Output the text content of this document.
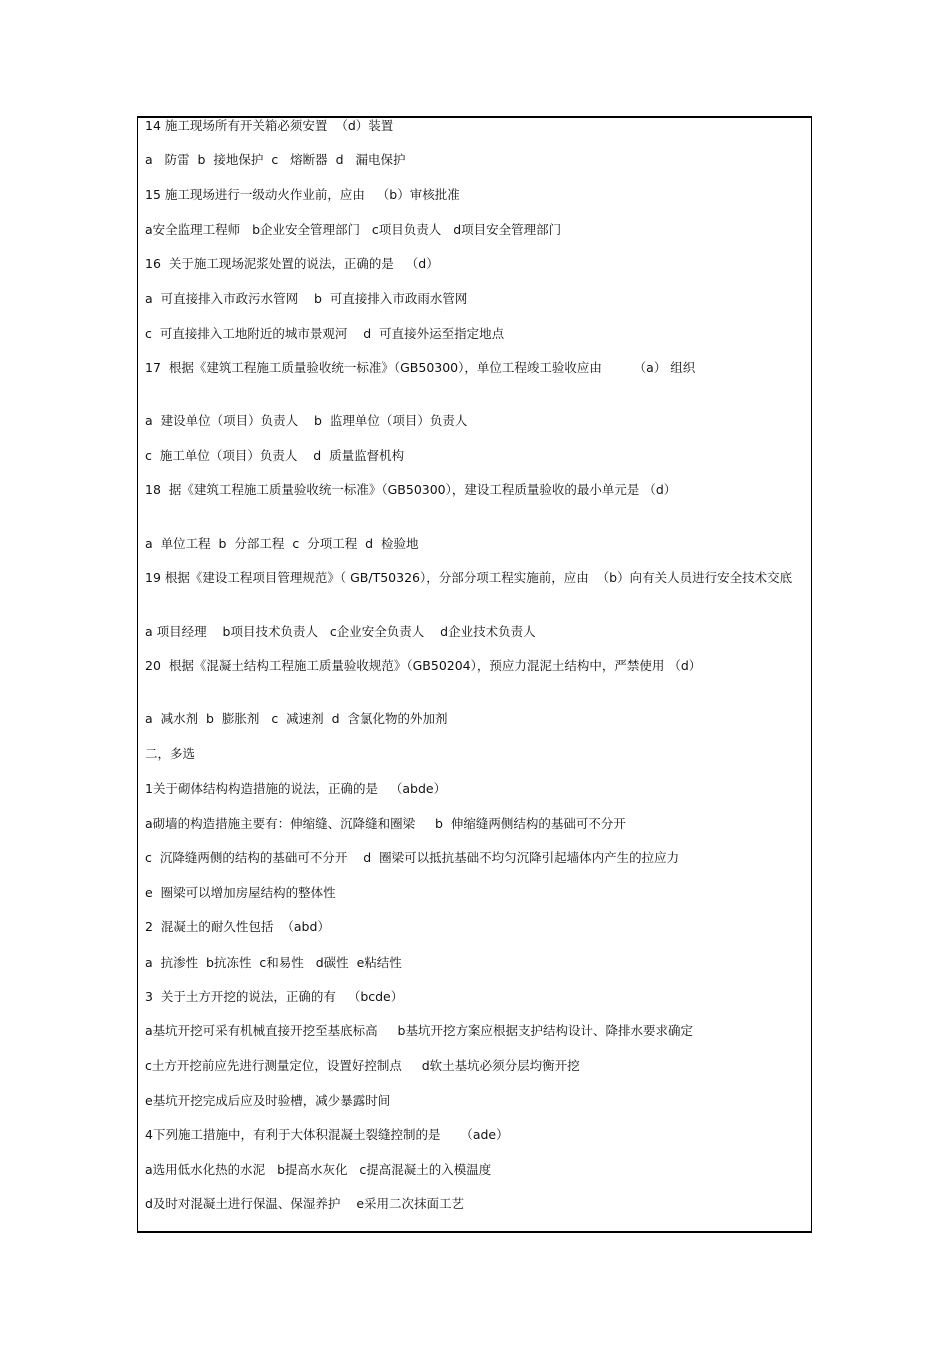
14 施工现场所有开关箱必须安置  （d）装置

a   防雷  b  接地保护  c   熔断器  d   漏电保护

15 施工现场进行一级动火作业前，应由   （b）审核批准

a安全监理工程师   b企业安全管理部门   c项目负责人   d项目安全管理部门

16  关于施工现场泥浆处置的说法，正确的是   （d）

a  可直接排入市政污水管网    b  可直接排入市政雨水管网

c  可直接排入工地附近的城市景观河    d  可直接外运至指定地点

17  根据《建筑工程施工质量验收统一标准》（GB50300），单位工程竣工验收应由        （a） 组织

a  建设单位（项目）负责人    b  监理单位（项目）负责人

c  施工单位（项目）负责人    d  质量监督机构

18  据《建筑工程施工质量验收统一标准》（GB50300），建设工程质量验收的最小单元是 （d）

a  单位工程  b  分部工程  c  分项工程  d  检验地

19 根据《建设工程项目管理规范》（ GB/T50326），分部分项工程实施前，应由  （b）向有关人员进行安全技术交底

a 项目经理    b项目技术负责人   c企业安全负责人    d企业技术负责人

20  根据《混凝土结构工程施工质量验收规范》（GB50204），预应力混泥土结构中，严禁使用 （d）

a  减水剂  b  膨胀剂   c  减速剂  d  含氯化物的外加剂

二，多选

1关于砌体结构构造措施的说法，正确的是   （abde）

a砌墙的构造措施主要有：伸缩缝、沉降缝和圈梁     b  伸缩缝两侧结构的基础可不分开

c  沉降缝两侧的结构的基础可不分开    d  圈梁可以抵抗基础不均匀沉降引起墙体内产生的拉应力

e  圈梁可以增加房屋结构的整体性

2  混凝土的耐久性包括  （abd）

a  抗渗性  b抗冻性  c和易性   d碳性  e粘结性

3  关于土方开挖的说法，正确的有   （bcde）

a基坑开挖可采有机械直接开挖至基底标高     b基坑开挖方案应根据支护结构设计、降排水要求确定

c土方开挖前应先进行测量定位，设置好控制点     d软土基坑必须分层均衡开挖

e基坑开挖完成后应及时验槽，减少暴露时间

4下列施工措施中，有利于大体积混凝土裂缝控制的是     （ade）

a选用低水化热的水泥   b提高水灰化   c提高混凝土的入模温度

d及时对混凝土进行保温、保湿养护    e采用二次抹面工艺
